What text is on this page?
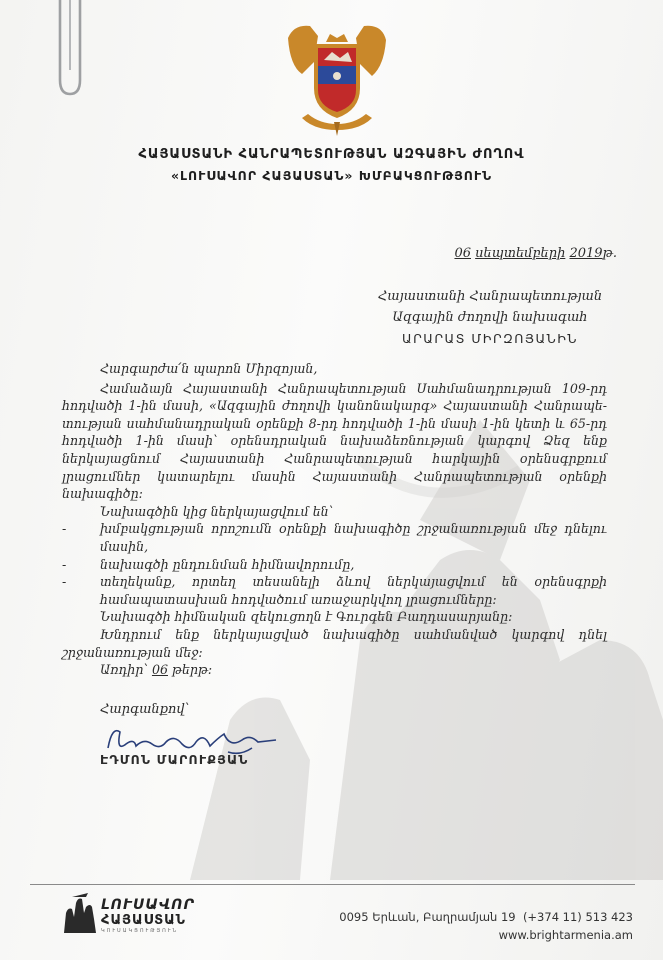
ՀԱՅԱՍՏԱՆԻ ՀԱՆՐԱՊԵՏՈՒԹՅԱՆ ԱԶԳԱՅԻՆ ԺՈՂՈՎ
«ԼՈՒՍԱՎՈՐ ՀԱՅԱՍՏԱՆ» ԽՄԲԱԿՑՈՒԹՅՈՒՆ
06 սեպտեմբերի 2019թ.
Հայաստանի Հանրապետության
Ազգային ժողովի նախագահ
ԱՐԱՐԱՏ ՄԻՐԶՈՅԱՆԻՆ

Հարգարժա՛ն պարոն Միրզոյան,

Համաձայն Հայաստանի Հանրապետության Սահմանադրության 109-րդ հոդվածի 1-ին մասի, «Ազգային ժողովի կանոնակարգ» Հայաստանի Հանրապե- տության սահմանադրական օրենքի 8-րդ հոդվածի 1-ին մասի 1-ին կետի և 65-րդ հոդվածի 1-ին մասի՝ օրենսդրական նախաձեռնության կարգով Ձեզ ենք ներկայացնում Հայաստանի Հանրապետության հարկային օրենսգրքում լրացումներ կատարելու մասին Հայաստանի Հանրապետության օրենքի նախագիծը:

Նախագծին կից ներկայացվում են՝

- խմբակցության որոշումն օրենքի նախագիծը շրջանառության մեջ դնելու մասին,
- նախագծի ընդունման հիմնավորումը,
- տեղեկանք, որտեղ տեսանելի ձևով ներկայացվում են օրենսգրքի համապատասխան հոդվածում առաջարկվող լրացումները:

Նախագծի հիմնական զեկուցողն է Գուրգեն Բաղդասարյանը:

Խնդրում ենք ներկայացված նախագիծը սահմանված կարգով դնել շրջանառության մեջ:

Առդիր՝ 06 թերթ:

Հարգանքով՝
ԷԴՄՈՆ ՄԱՐՈՒՔՅԱՆ
ԼՈՒՍԱՎՈՐ
ՀԱՅԱՍՏԱՆ
ԿՈՒՍԱԿՑՈՒԹՅՈՒՆ
0095 Երևան, Բաղրամյան 19 (+374 11) 513 423
www.brightarmenia.am
